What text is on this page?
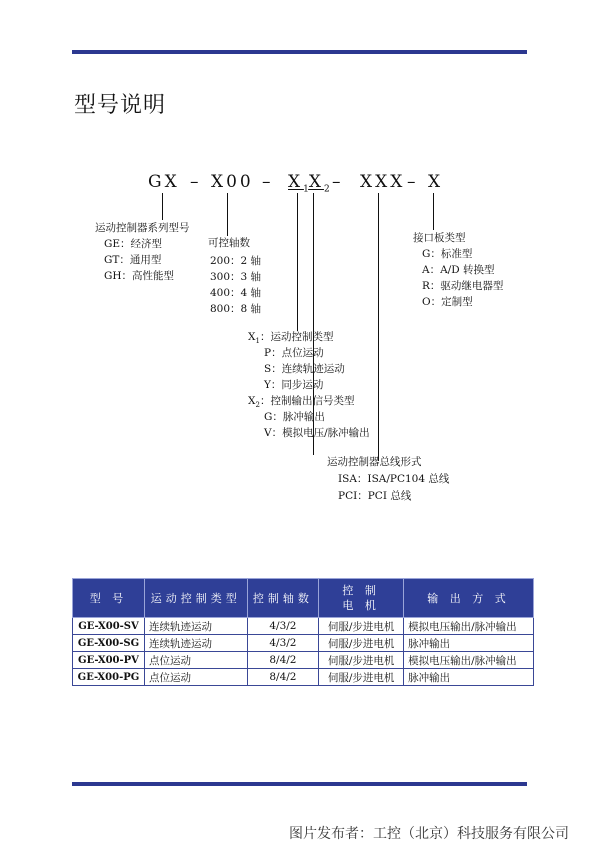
型号说明
GX – $X00 - X_1X_2$ – XXX – X
运动控制器系列型号
GE：经济型
GT：通用型
GH：高性能型
可控轴数
200：2 轴
300：3 轴
400：4 轴
800：8 轴
$X_1$：运动控制类型
P：点位运动
S：连续轨迹运动
Y：同步运动
$X_2$：控制输出信号类型
G：脉冲输出
V：模拟电压/脉冲输出
运动控制器总线形式
ISA：ISA/PC104 总线
PCI：PCI 总线
接口板类型
G：标准型
A：A/D 转换型
R：驱动继电器型
O：定制型
型 号	运动控制类型	控制轴数	控 制
电 机	输 出 方 式
GE-X00-SV	连续轨迹运动	4/3/2	伺服/步进电机	模拟电压输出/脉冲输出
GE-X00-SG	连续轨迹运动	4/3/2	伺服/步进电机	脉冲输出
GE-X00-PV	点位运动	8/4/2	伺服/步进电机	模拟电压输出/脉冲输出
GE-X00-PG	点位运动	8/4/2	伺服/步进电机	脉冲输出
图片发布者：工控（北京）科技服务有限公司
